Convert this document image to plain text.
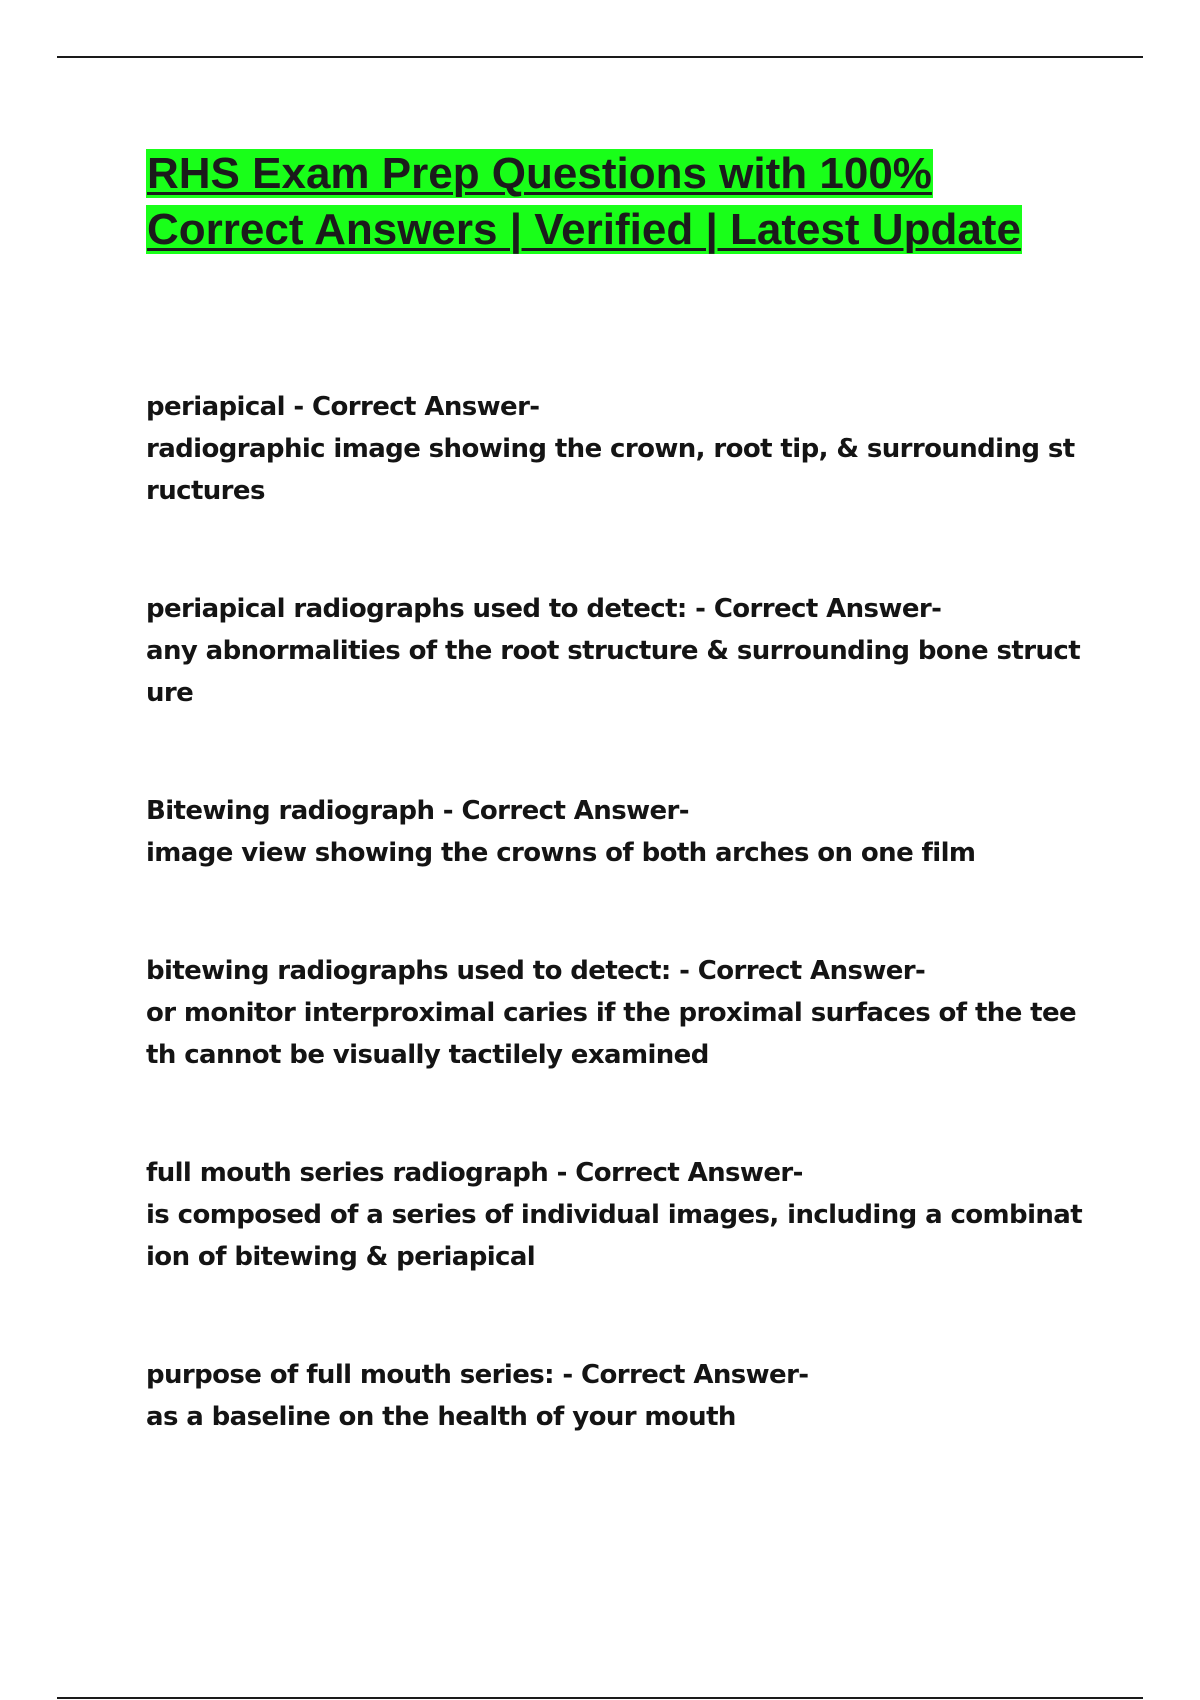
RHS Exam Prep Questions with 100% Correct Answers | Verified | Latest Update
periapical - Correct Answer-
radiographic image showing the crown, root tip, & surrounding structures
periapical radiographs used to detect: - Correct Answer-
any abnormalities of the root structure & surrounding bone structure
Bitewing radiograph - Correct Answer-
image view showing the crowns of both arches on one film
bitewing radiographs used to detect: - Correct Answer-
or monitor interproximal caries if the proximal surfaces of the teeth cannot be visually tactilely examined
full mouth series radiograph - Correct Answer-
is composed of a series of individual images, including a combination of bitewing & periapical
purpose of full mouth series: - Correct Answer-
as a baseline on the health of your mouth
